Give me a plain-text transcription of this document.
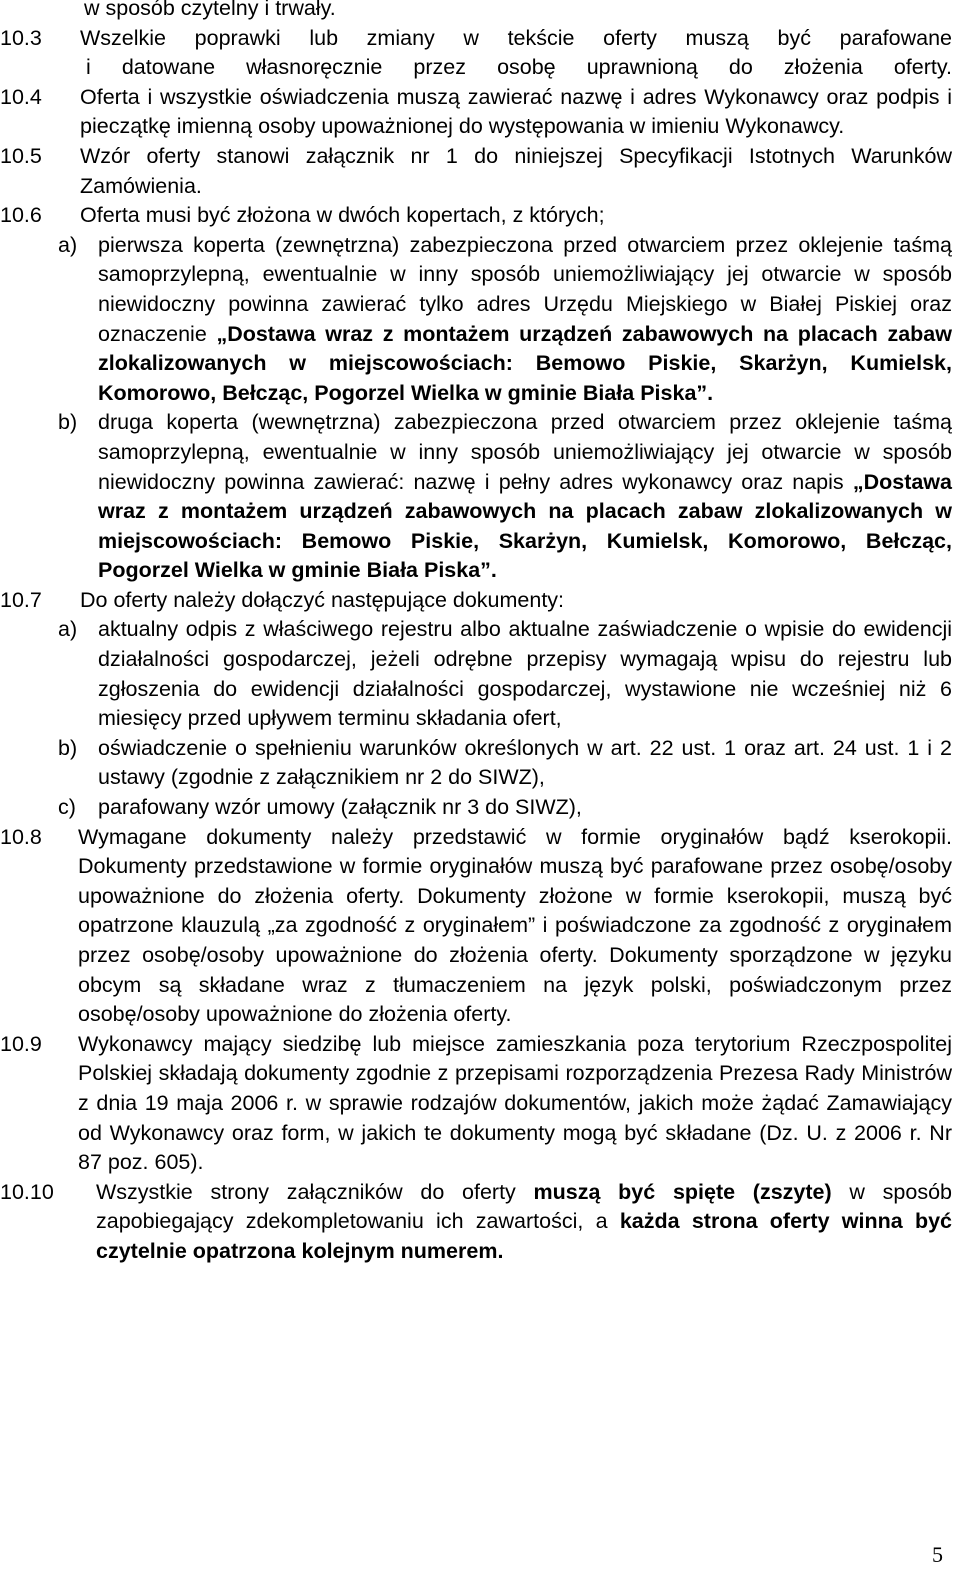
w sposób czytelny i trwały.

10.3 Wszelkie poprawki lub zmiany w tekście oferty muszą być parafowane

i datowane własnoręcznie przez osobę uprawnioną do złożenia oferty.

10.4 Oferta i wszystkie oświadczenia muszą zawierać nazwę i adres Wykonawcy oraz podpis i pieczątkę imienną osoby upoważnionej do występowania w imieniu Wykonawcy.

10.5 Wzór oferty stanowi załącznik nr 1 do niniejszej Specyfikacji Istotnych Warunków Zamówienia.

10.6 Oferta musi być złożona w dwóch kopertach, z których;

a) pierwsza koperta (zewnętrzna) zabezpieczona przed otwarciem przez oklejenie taśmą samoprzylepną, ewentualnie w inny sposób uniemożliwiający jej otwarcie w sposób niewidoczny powinna zawierać tylko adres Urzędu Miejskiego w Białej Piskiej oraz oznaczenie „Dostawa wraz z montażem urządzeń zabawowych na placach zabaw zlokalizowanych w miejscowościach: Bemowo Piskie, Skarżyn, Kumielsk, Komorowo, Bełcząc, Pogorzel Wielka w gminie Biała Piska”.

b) druga koperta (wewnętrzna) zabezpieczona przed otwarciem przez oklejenie taśmą samoprzylepną, ewentualnie w inny sposób uniemożliwiający jej otwarcie w sposób niewidoczny powinna zawierać: nazwę i pełny adres wykonawcy oraz napis „Dostawa wraz z montażem urządzeń zabawowych na placach zabaw zlokalizowanych w miejscowościach: Bemowo Piskie, Skarżyn, Kumielsk, Komorowo, Bełcząc, Pogorzel Wielka w gminie Biała Piska”.

10.7 Do oferty należy dołączyć następujące dokumenty:

a) aktualny odpis z właściwego rejestru albo aktualne zaświadczenie o wpisie do ewidencji działalności gospodarczej, jeżeli odrębne przepisy wymagają wpisu do rejestru lub zgłoszenia do ewidencji działalności gospodarczej, wystawione nie wcześniej niż 6 miesięcy przed upływem terminu składania ofert,

b) oświadczenie o spełnieniu warunków określonych w art. 22 ust. 1 oraz art. 24 ust. 1 i 2 ustawy (zgodnie z załącznikiem nr 2 do SIWZ),

c) parafowany wzór umowy (załącznik nr 3 do SIWZ),

10.8 Wymagane dokumenty należy przedstawić w formie oryginałów bądź kserokopii. Dokumenty przedstawione w formie oryginałów muszą być parafowane przez osobę/osoby upoważnione do złożenia oferty. Dokumenty złożone w formie kserokopii, muszą być opatrzone klauzulą „za zgodność z oryginałem” i poświadczone za zgodność z oryginałem przez osobę/osoby upoważnione do złożenia oferty. Dokumenty sporządzone w języku obcym są składane wraz z tłumaczeniem na język polski, poświadczonym przez osobę/osoby upoważnione do złożenia oferty.

10.9 Wykonawcy mający siedzibę lub miejsce zamieszkania poza terytorium Rzeczpospolitej Polskiej składają dokumenty zgodnie z przepisami rozporządzenia Prezesa Rady Ministrów z dnia 19 maja 2006 r. w sprawie rodzajów dokumentów, jakich może żądać Zamawiający od Wykonawcy oraz form, w jakich te dokumenty mogą być składane (Dz. U. z 2006 r. Nr 87 poz. 605).

10.10 Wszystkie strony załączników do oferty muszą być spięte (zszyte) w sposób zapobiegający zdekompletowaniu ich zawartości, a każda strona oferty winna być czytelnie opatrzona kolejnym numerem.

5
